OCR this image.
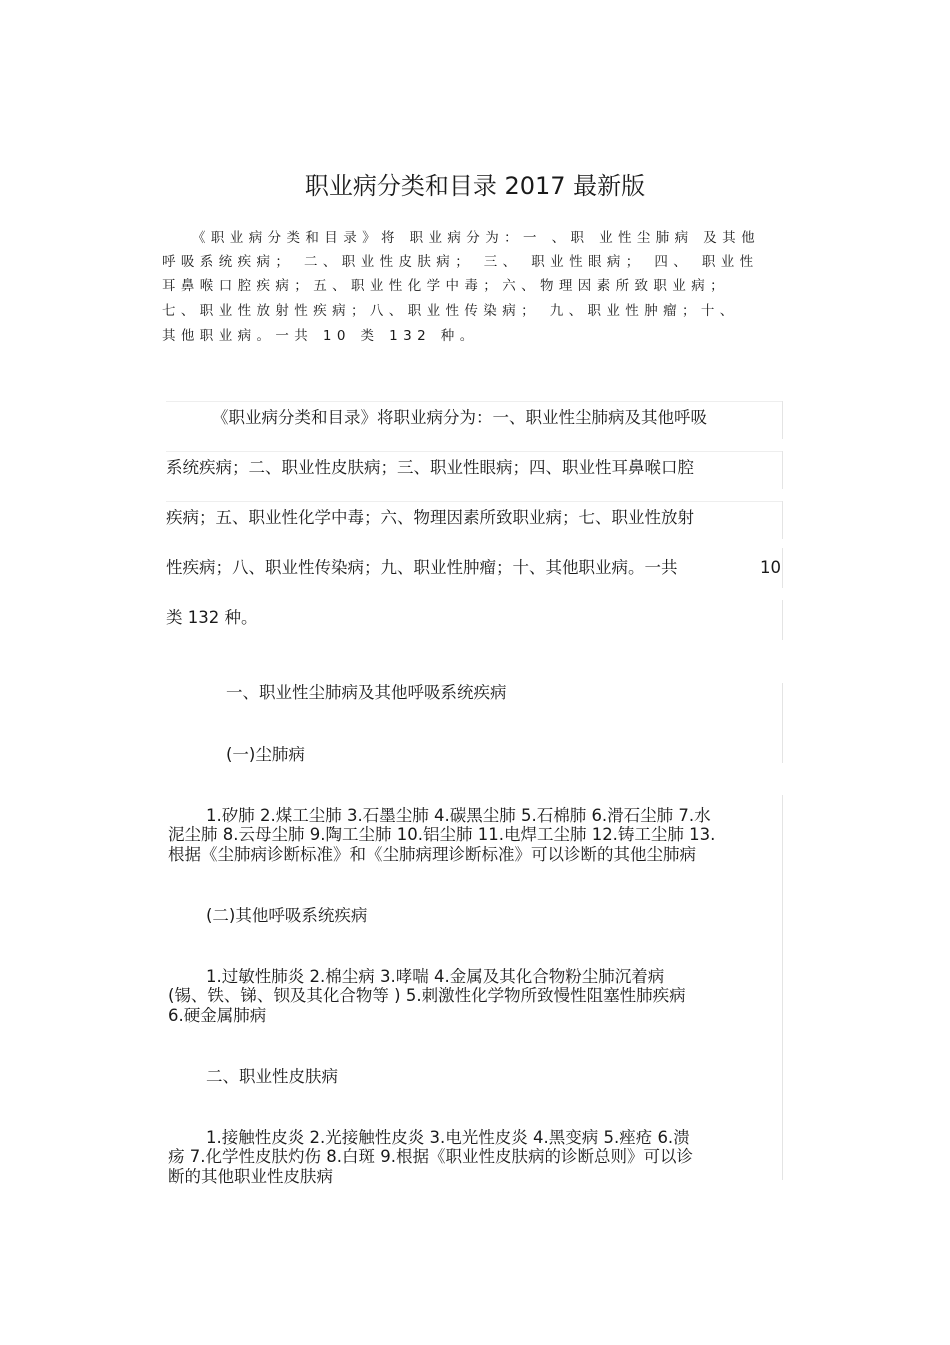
职业病分类和目录 2017 最新版

《职业病分类和目录》将 职业病分为：一 、职 业性尘肺病 及其他

呼吸系统疾病； 二、职业性皮肤病； 三、 职业性眼病； 四、 职业性

耳鼻喉口腔疾病；五、职业性化学中毒；六、物理因素所致职业病；

七、职业性放射性疾病；八、职业性传染病； 九、职业性肿瘤；十、

其他职业病。一共 10 类 132 种。

《职业病分类和目录》将职业病分为：一、职业性尘肺病及其他呼吸

系统疾病；二、职业性皮肤病；三、职业性眼病；四、职业性耳鼻喉口腔

疾病；五、职业性化学中毒；六、物理因素所致职业病；七、职业性放射

性疾病；八、职业性传染病；九、职业性肿瘤；十、其他职业病。一共	10

类 132 种。

一、职业性尘肺病及其他呼吸系统疾病

(一)尘肺病

1.矽肺 2.煤工尘肺 3.石墨尘肺 4.碳黑尘肺 5.石棉肺 6.滑石尘肺 7.水

泥尘肺 8.云母尘肺 9.陶工尘肺 10.铝尘肺 11.电焊工尘肺 12.铸工尘肺 13.

根据《尘肺病诊断标准》和《尘肺病理诊断标准》可以诊断的其他尘肺病

(二)其他呼吸系统疾病

1.过敏性肺炎 2.棉尘病 3.哮喘 4.金属及其化合物粉尘肺沉着病

(锡、铁、锑、钡及其化合物等 ) 5.刺激性化学物所致慢性阻塞性肺疾病

6.硬金属肺病

二、职业性皮肤病

1.接触性皮炎 2.光接触性皮炎 3.电光性皮炎 4.黑变病 5.痤疮 6.溃

疡 7.化学性皮肤灼伤 8.白斑 9.根据《职业性皮肤病的诊断总则》可以诊

断的其他职业性皮肤病
